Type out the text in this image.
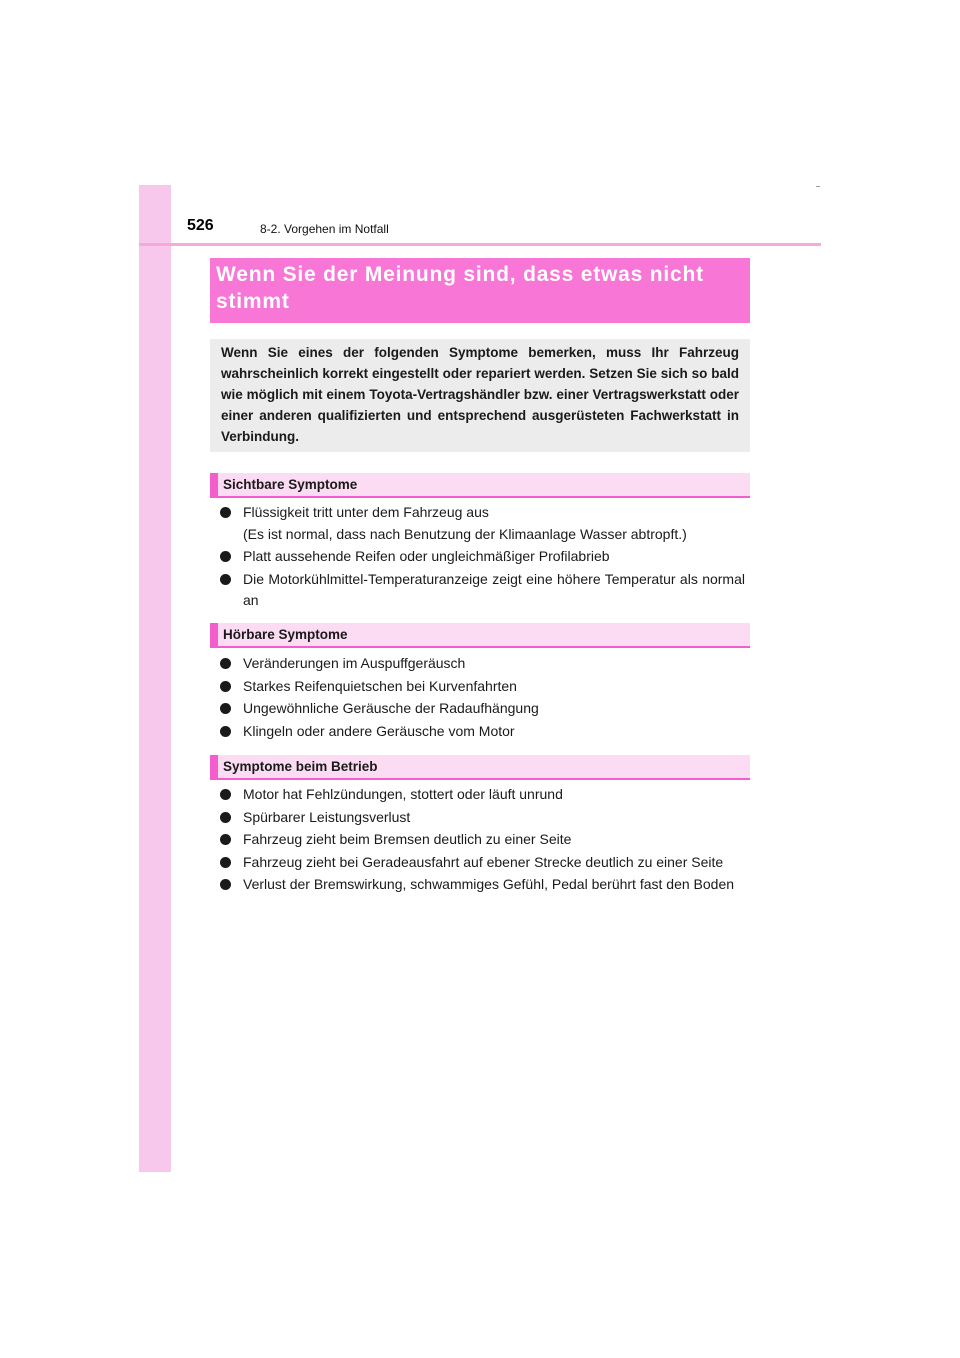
526	8-2. Vorgehen im Notfall
Wenn Sie der Meinung sind, dass etwas nicht stimmt
Wenn Sie eines der folgenden Symptome bemerken, muss Ihr Fahrzeug wahrscheinlich korrekt eingestellt oder repariert werden. Setzen Sie sich so bald wie möglich mit einem Toyota-Vertragshändler bzw. einer Vertragswerkstatt oder einer anderen qualifizierten und entsprechend ausgerüsteten Fachwerkstatt in Verbindung.
Sichtbare Symptome
Flüssigkeit tritt unter dem Fahrzeug aus
(Es ist normal, dass nach Benutzung der Klimaanlage Wasser abtropft.)
Platt aussehende Reifen oder ungleichmäßiger Profilabrieb
Die Motorkühlmittel-Temperaturanzeige zeigt eine höhere Temperatur als normal an
Hörbare Symptome
Veränderungen im Auspuffgeräusch
Starkes Reifenquietschen bei Kurvenfahrten
Ungewöhnliche Geräusche der Radaufhängung
Klingeln oder andere Geräusche vom Motor
Symptome beim Betrieb
Motor hat Fehlzündungen, stottert oder läuft unrund
Spürbarer Leistungsverlust
Fahrzeug zieht beim Bremsen deutlich zu einer Seite
Fahrzeug zieht bei Geradeausfahrt auf ebener Strecke deutlich zu einer Seite
Verlust der Bremswirkung, schwammiges Gefühl, Pedal berührt fast den Boden
